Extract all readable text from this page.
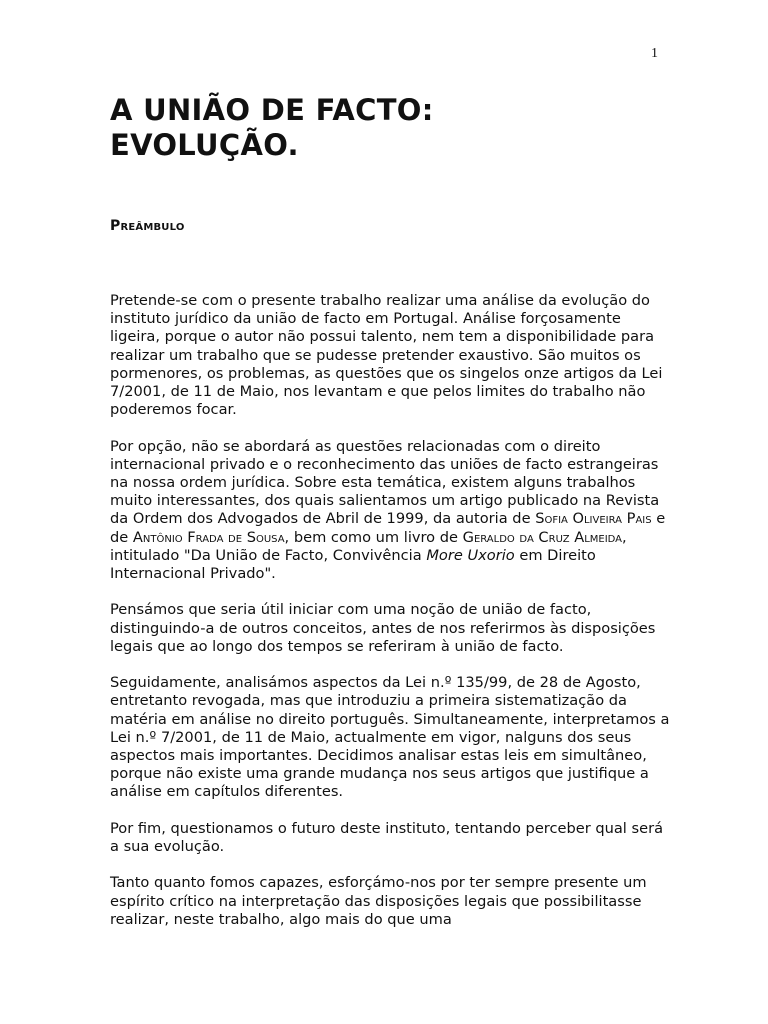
1
A UNIÃO DE FACTO:
EVOLUÇÃO.
Preâmbulo

Pretende-se com o presente trabalho realizar uma análise da evolução do instituto jurídico da união de facto em Portugal. Análise forçosamente ligeira, porque o autor não possui talento, nem tem a disponibilidade para realizar um trabalho que se pudesse pretender exaustivo. São muitos os pormenores, os problemas, as questões que os singelos onze artigos da Lei 7/2001, de 11 de Maio, nos levantam e que pelos limites do trabalho não poderemos focar.

Por opção, não se abordará as questões relacionadas com o direito internacional privado e o reconhecimento das uniões de facto estrangeiras na nossa ordem jurídica. Sobre esta temática, existem alguns trabalhos muito interessantes, dos quais salientamos um artigo publicado na Revista da Ordem dos Advogados de Abril de 1999, da autoria de Sofia Oliveira Pais e de Antônio Frada de Sousa, bem como um livro de Geraldo da Cruz Almeida, intitulado "Da União de Facto, Convivência More Uxorio em Direito Internacional Privado".

Pensámos que seria útil iniciar com uma noção de união de facto, distinguindo-a de outros conceitos, antes de nos referirmos às disposições legais que ao longo dos tempos se referiram à união de facto.

Seguidamente, analisámos aspectos da Lei n.º 135/99, de 28 de Agosto, entretanto revogada, mas que introduziu a primeira sistematização da matéria em análise no direito português. Simultaneamente, interpretamos a Lei n.º 7/2001, de 11 de Maio, actualmente em vigor, nalguns dos seus aspectos mais importantes. Decidimos analisar estas leis em simultâneo, porque não existe uma grande mudança nos seus artigos que justifique a análise em capítulos diferentes.

Por fim, questionamos o futuro deste instituto, tentando perceber qual será a sua evolução.

Tanto quanto fomos capazes, esforçámo-nos por ter sempre presente um espírito crítico na interpretação das disposições legais que possibilitasse realizar, neste trabalho, algo mais do que uma
